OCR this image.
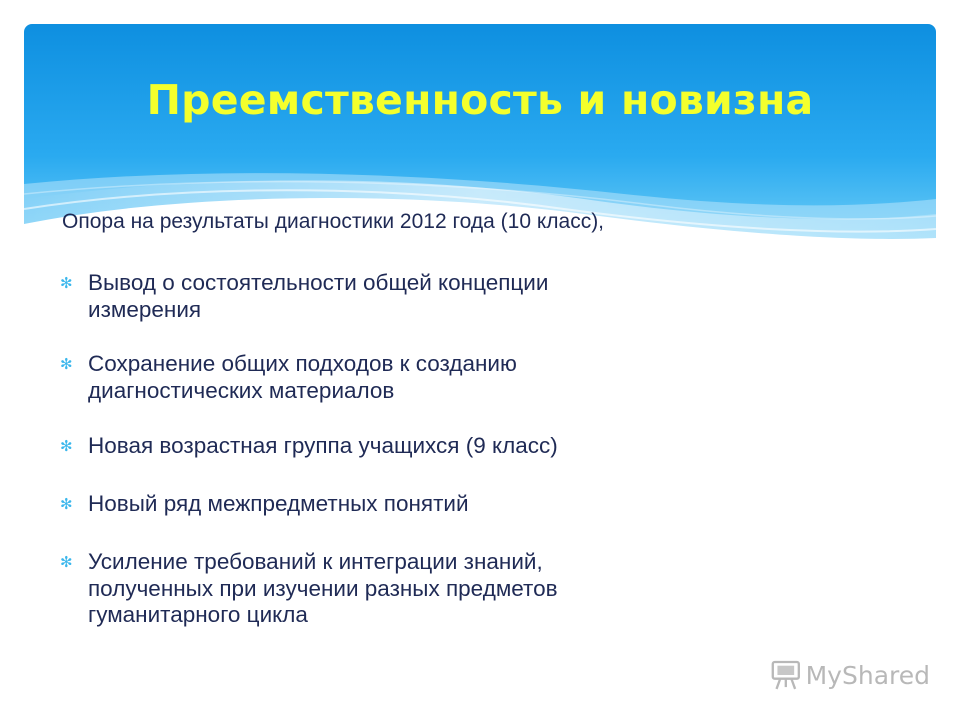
Преемственность и новизна

Опора на результаты диагностики 2012 года (10 класс),

✻ Вывод о состоятельности общей концепции
измерения
✻ Сохранение общих подходов к созданию
диагностических материалов
✻ Новая возрастная группа учащихся (9 класс)
✻ Новый ряд межпредметных понятий
✻ Усиление требований к интеграции знаний,
полученных при изучении разных предметов
гуманитарного цикла
MyShared
